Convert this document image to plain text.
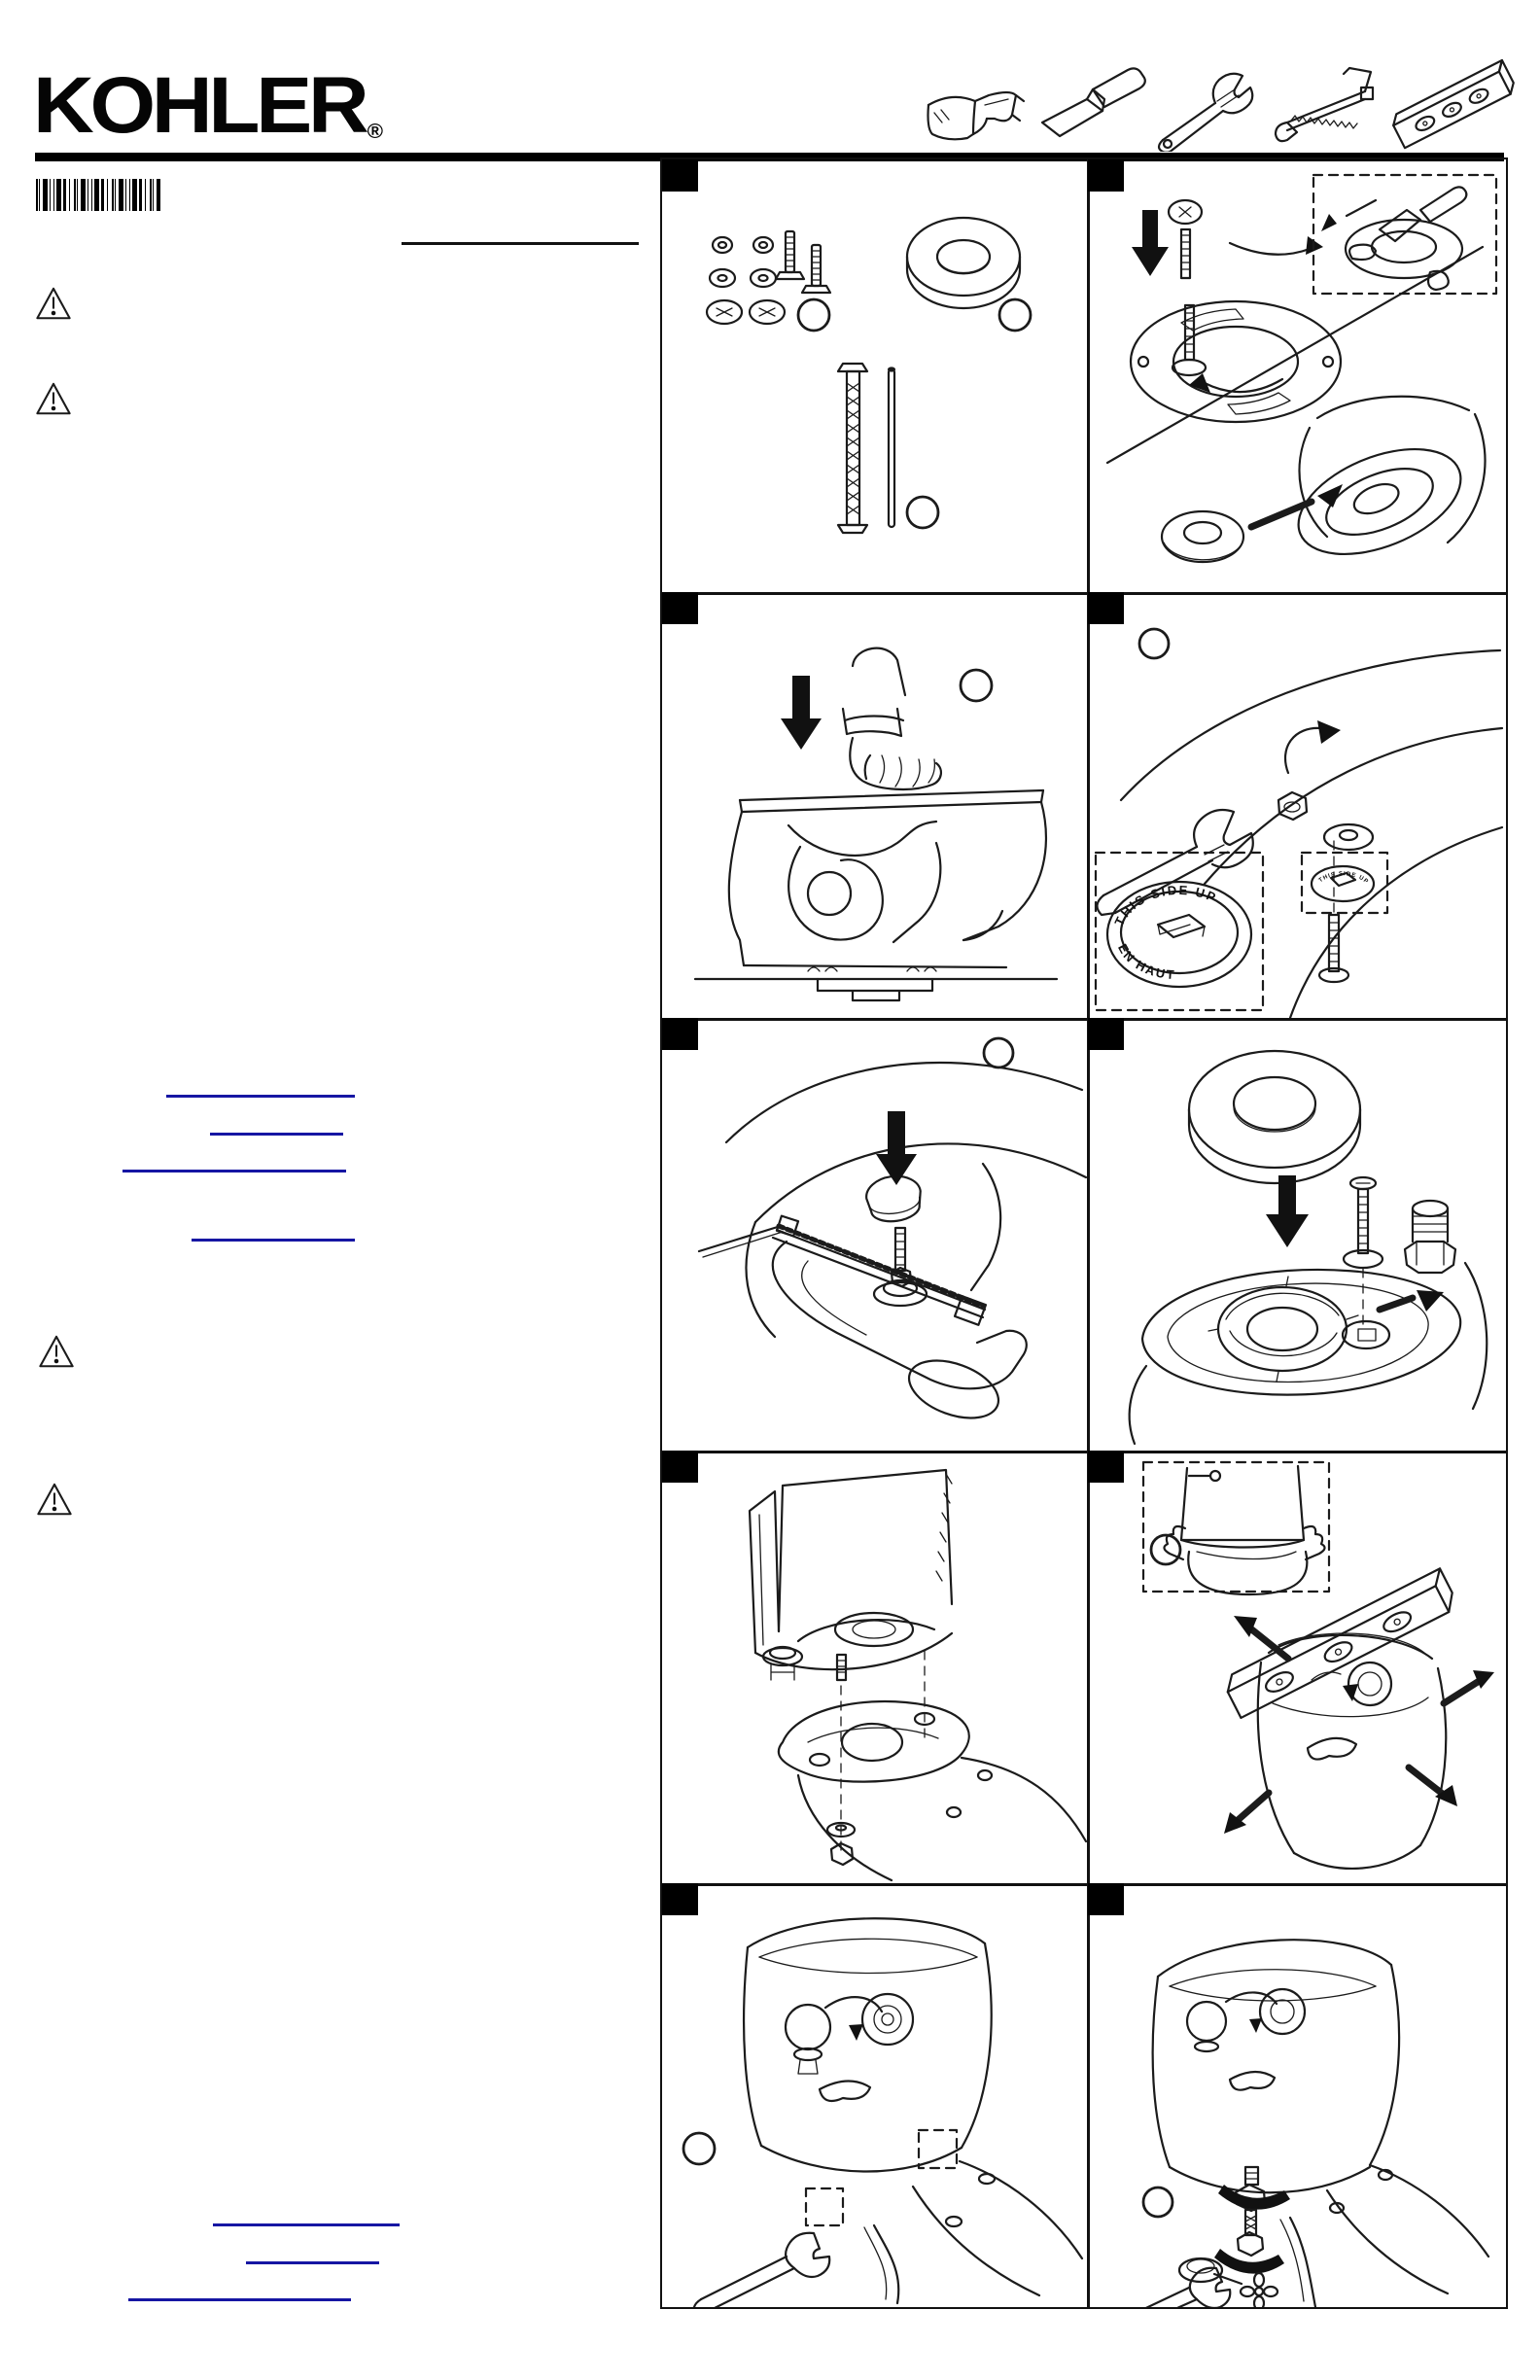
KOHLER ®
THIS SIDE UP
THIS SIDE UP
EN HAUT
